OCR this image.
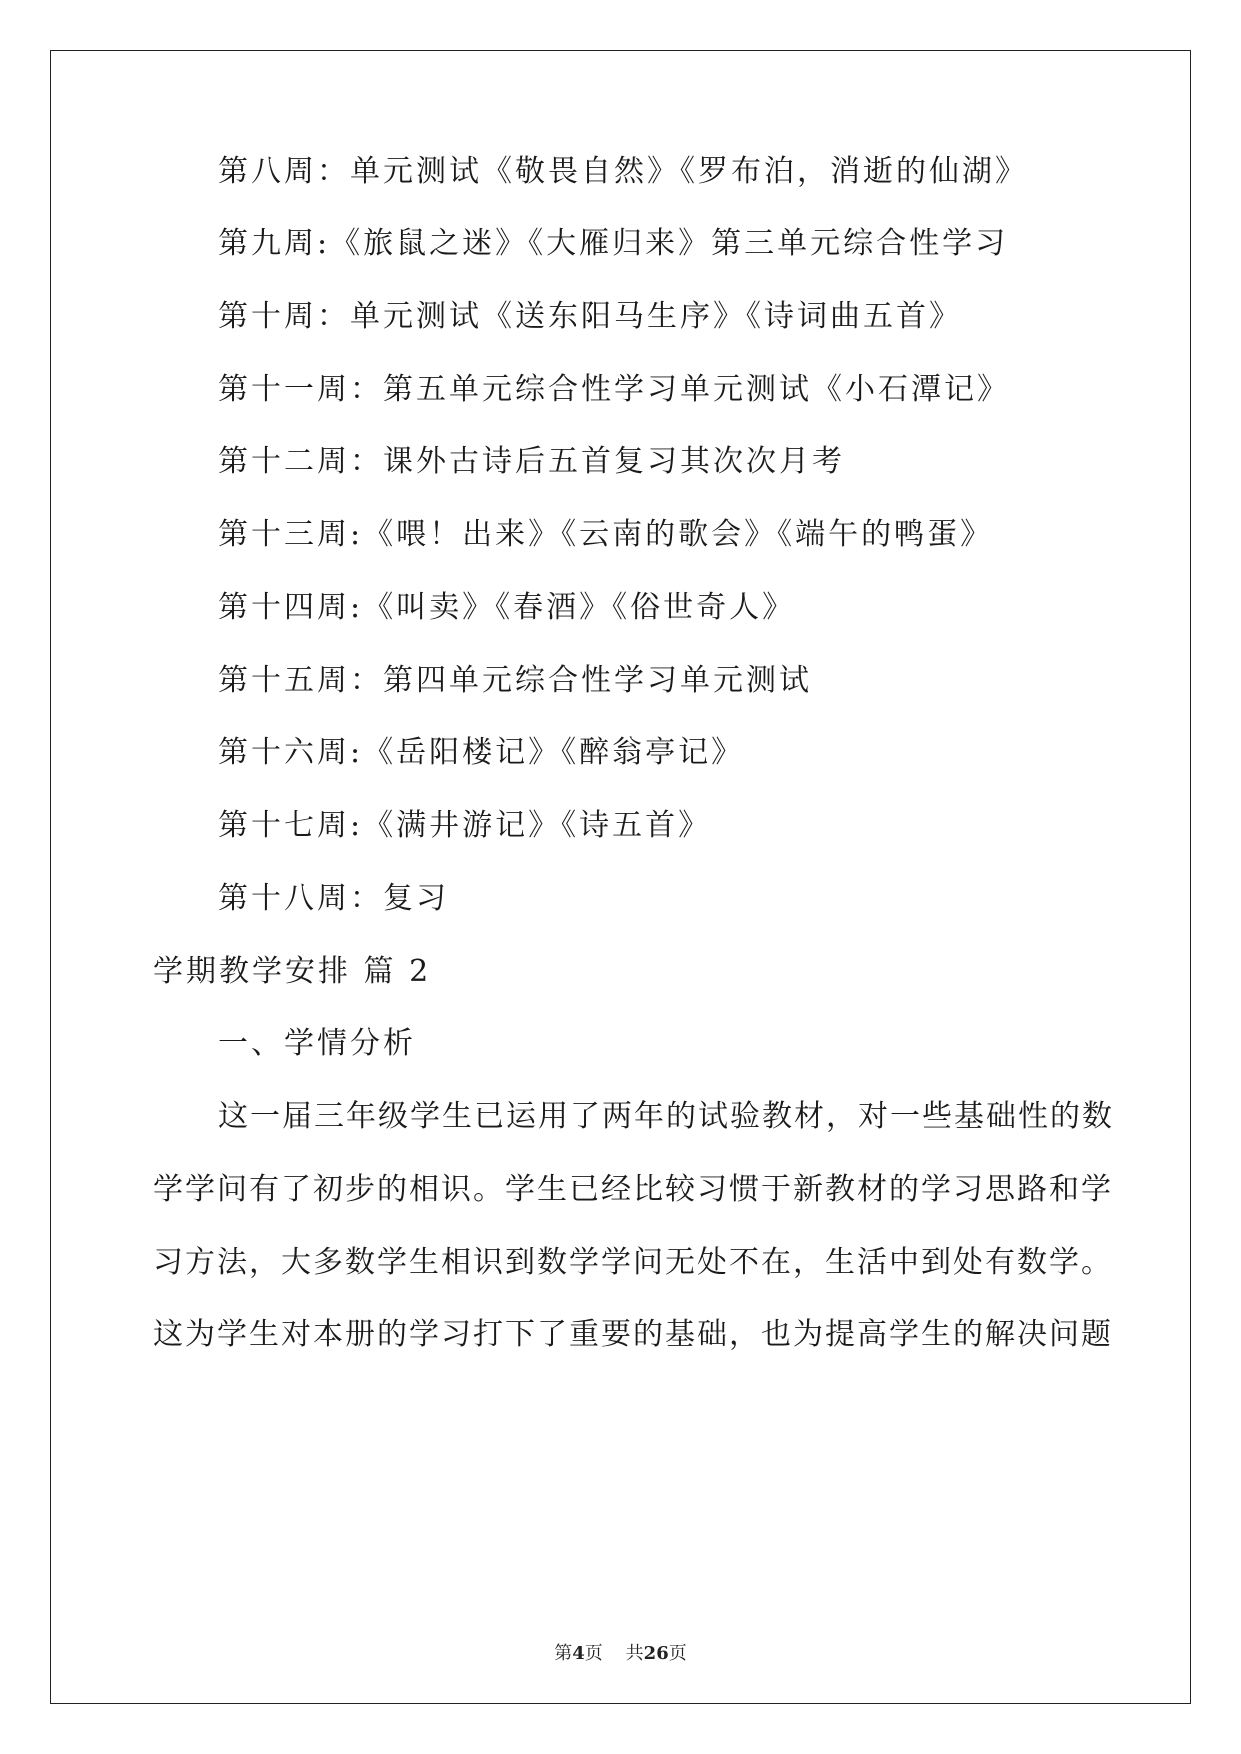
第八周：单元测试《敬畏自然》《罗布泊，消逝的仙湖》
第九周:《旅鼠之迷》《大雁归来》第三单元综合性学习
第十周：单元测试《送东阳马生序》《诗词曲五首》
第十一周：第五单元综合性学习单元测试《小石潭记》
第十二周：课外古诗后五首复习其次次月考
第十三周:《喂！出来》《云南的歌会》《端午的鸭蛋》
第十四周:《叫卖》《春酒》《俗世奇人》
第十五周：第四单元综合性学习单元测试
第十六周:《岳阳楼记》《醉翁亭记》
第十七周:《满井游记》《诗五首》
第十八周：复习
学期教学安排 篇 2
一、学情分析
这一届三年级学生已运用了两年的试验教材，对一些基础性的数
学学问有了初步的相识。学生已经比较习惯于新教材的学习思路和学
习方法，大多数学生相识到数学学问无处不在，生活中到处有数学。
这为学生对本册的学习打下了重要的基础，也为提高学生的解决问题
第4页    共26页
